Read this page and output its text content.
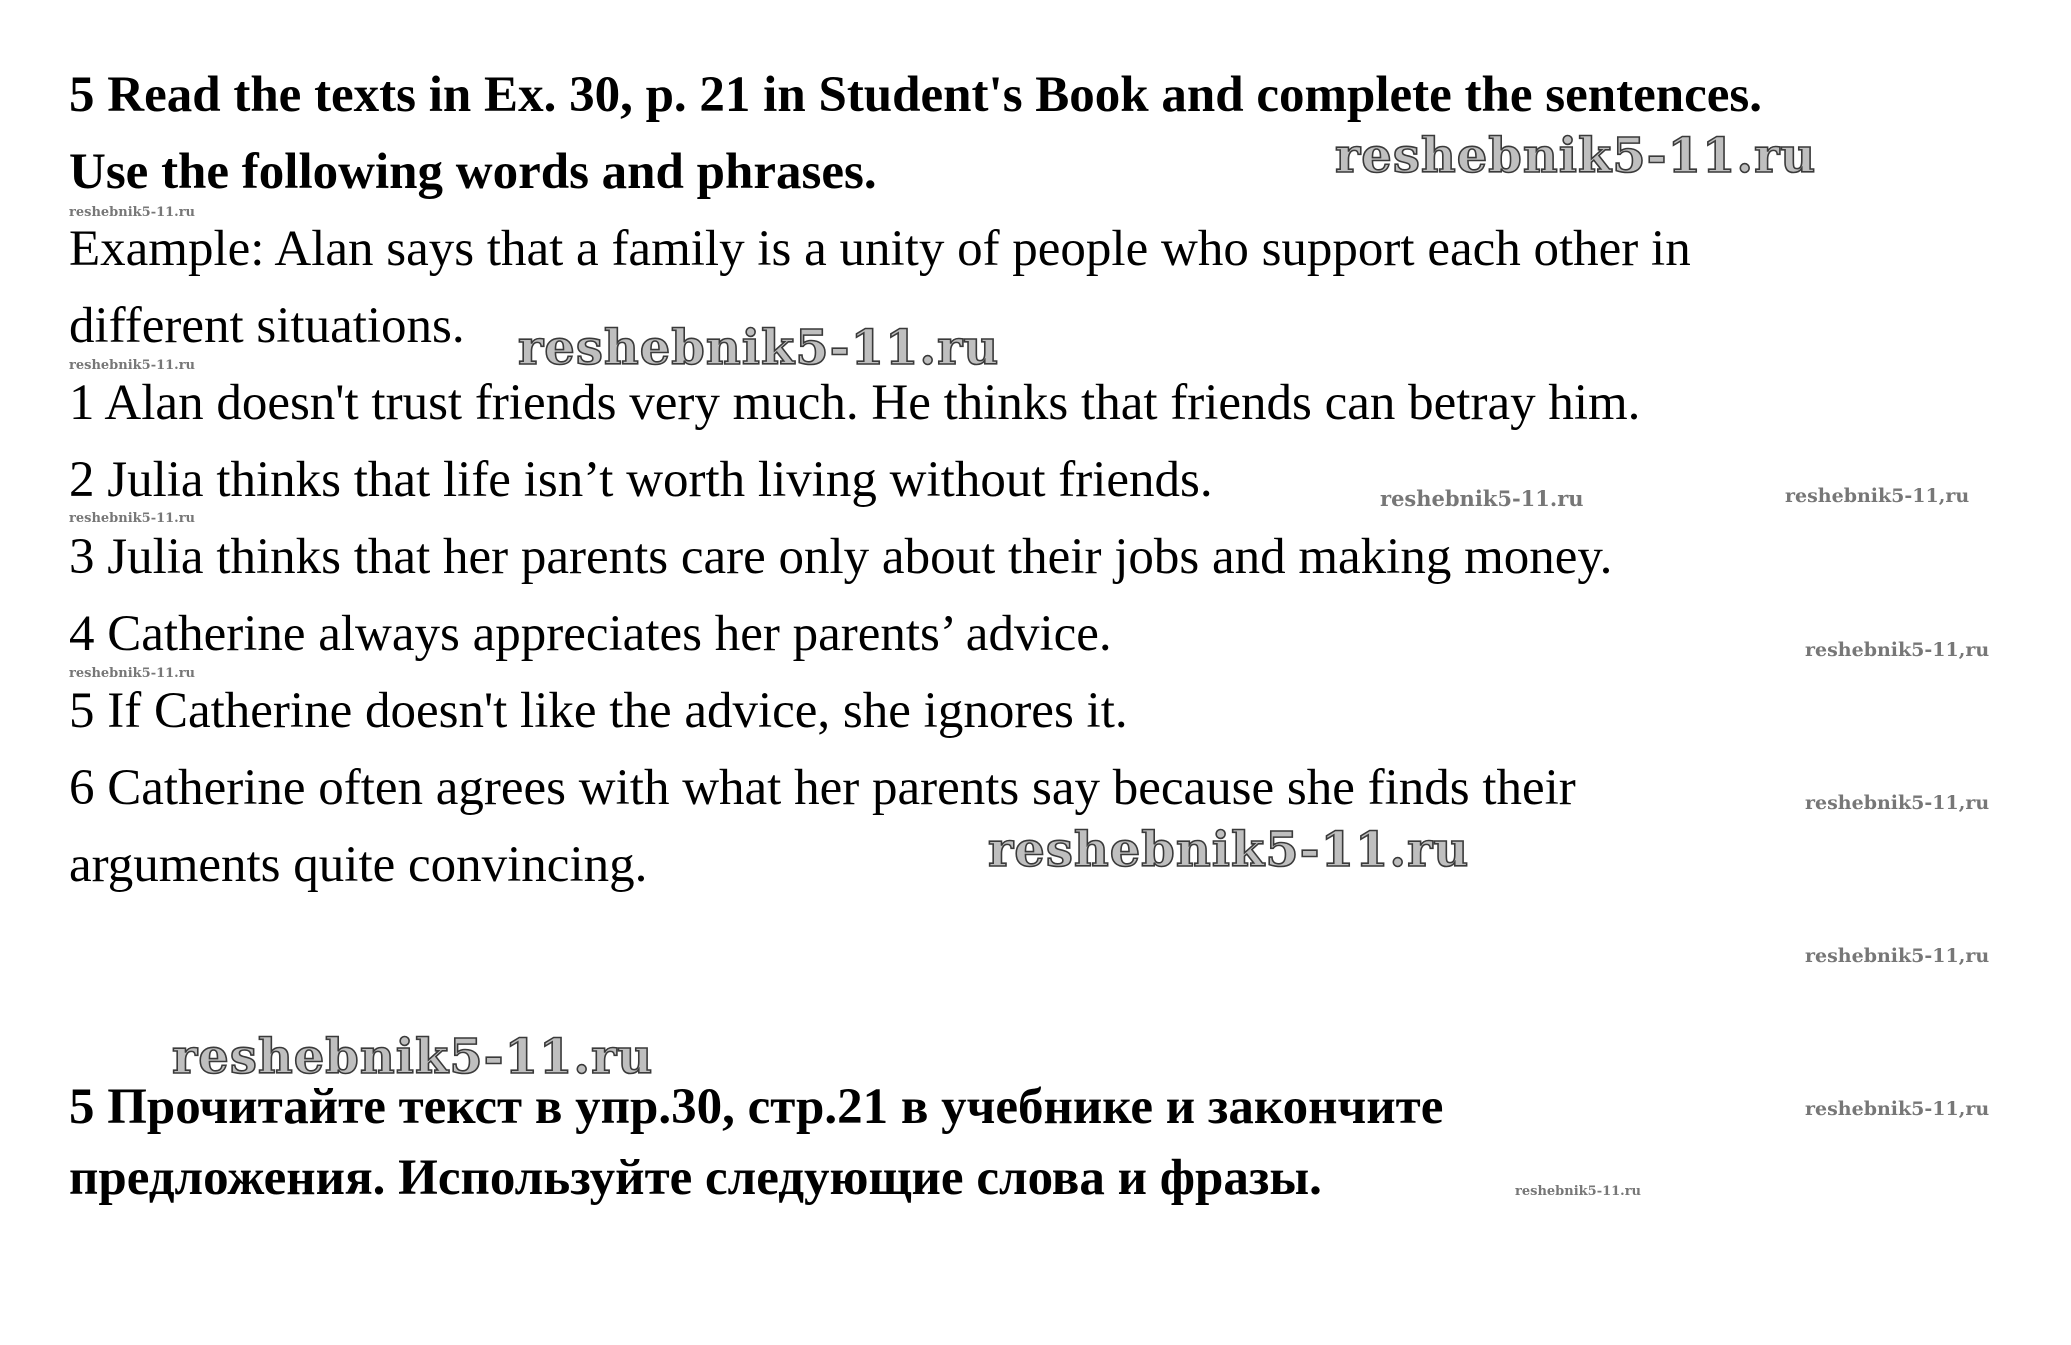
5 Read the texts in Ex. 30, p. 21 in Student's Book and complete the sentences.
Use the following words and phrases.
Example: Alan says that a family is a unity of people who support each other in
different situations.
1 Alan doesn't trust friends very much. He thinks that friends can betray him.
2 Julia thinks that life isn’t worth living without friends.
3 Julia thinks that her parents care only about their jobs and making money.
4 Catherine always appreciates her parents’ advice.
5 If Catherine doesn't like the advice, she ignores it.
6 Catherine often agrees with what her parents say because she finds their
arguments quite convincing.
5 Прочитайте текст в упр.30, стр.21 в учебнике и закончите
предложения. Используйте следующие слова и фразы.
reshebnik5-11.ru
reshebnik5-11.ru
reshebnik5-11.ru
reshebnik5-11.ru
reshebnik5-11.ru	reshebnik5-11,ru
reshebnik5-11,ru
reshebnik5-11,ru
reshebnik5-11,ru
reshebnik5-11,ru
reshebnik5-11.ru
reshebnik5-11.ru
reshebnik5-11.ru
reshebnik5-11.ru
reshebnik5-11.ru
